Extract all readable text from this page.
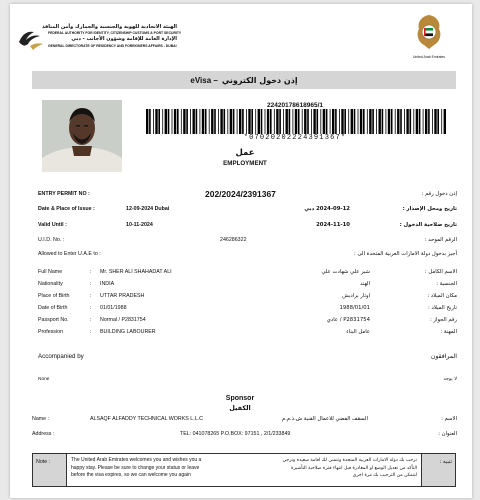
الهيئة الاتحادية للهوية والجنسية والجمارك وأمن المنافذ
FEDERAL AUTHORITY FOR IDENTITY, CITIZENSHIP CUSTOMS & PORT SECURITY
الإدارة العامة للإقامة وشؤون الأجانب - دبي
GENERAL DIRECTORATE OF RESIDENCY AND FOREIGNERS AFFAIRS - DUBAI
United Arab Emirates
eVisa – إذن دخول الكتروني
22420178618965/1
*07020202224391367*
عمل
EMPLOYMENT
ENTRY PERMIT NO :	202/2024/2391367	إذن دخول رقم :
Date & Place of Issue :	12-09-2024 Dubai	2024-09-12 دبي	تاريخ ومحل الإصدار :
Valid Until :	10-11-2024	2024-11-10	تاريخ صلاحية الدخول :
U.I.D. No. :	246286322	الرقم الموحد :
Allowed to Enter U.A.E to :	أجيز بدخول دولة الامارات العربية المتحدة الى :
Full Name	: Mr. SHER ALI SHAHADAT ALI	شير علي شهادت علي	الاسم الكامل :
Nationality	: INDIA	الهند	الجنسية :
Place of Birth	: UTTAR PRADESH	اوتار براديش	مكان الميلاد :
Date of Birth	: 01/01/1988	1988/01/01	تاريخ الميلاد :
Passport No.	: Normal / P2831754	P2831754 / عادي	رقم الجواز :
Profession	: BUILDING LABOURER	عامل البناء	المهنة :
Accompanied by	المرافقون
None	لا يوجد
Sponsor
الكفيل
Name :	ALSAQF ALFADDY TECHNICAL WORKS L.L.C	السقف الفضي للاعمال الفنية ش.ذ.م.م	الاسم :
Address :	TEL: 041078265 P.O.BOX: 97151 , 2/1/233849	العنوان :
Note :	The United Arab Emirates welcomes you and wishes you a
happy stay. Please be sure to change your status or leave
before the visa expires, so we can welcome you again
ترحب بك دولة الامارات العربية المتحدة وتتمنى لك اقامة سعيدة ونرجي
التأكد من تعديل الوضع او المغادرة قبل انتهاء فترة صلاحية التأشيرة
لنتمكن من الترحيب بك مرة اخرى
تنبيه :
